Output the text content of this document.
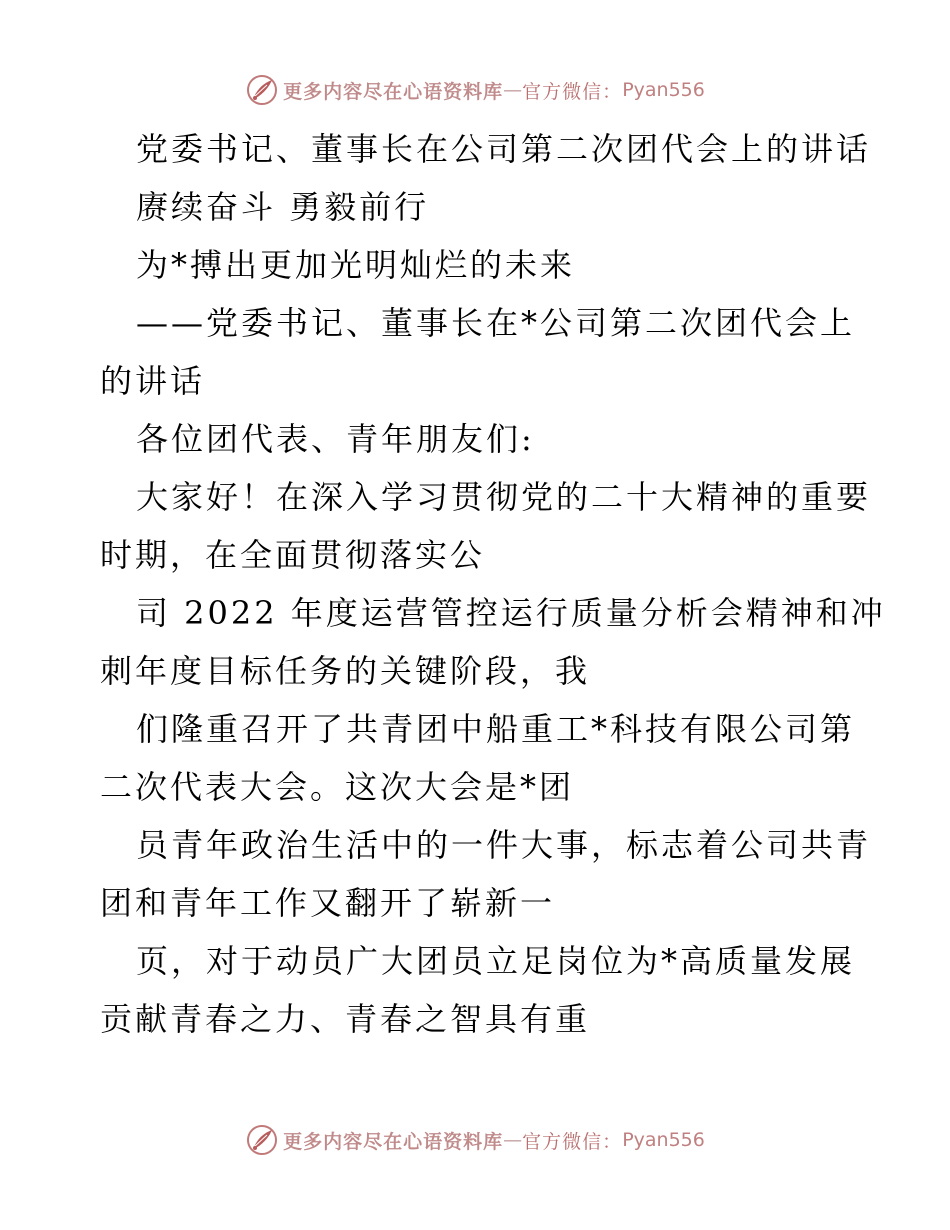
更多内容尽在心语资料库 — 官方微信： Pyan556
党委书记、董事长在公司第二次团代会上的讲话
赓续奋斗 勇毅前行
为*搏出更加光明灿烂的未来
——党委书记、董事长在*公司第二次团代会上
的讲话
各位团代表、青年朋友们:
大家好！在深入学习贯彻党的二十大精神的重要
时期，在全面贯彻落实公
司 2022 年度运营管控运行质量分析会精神和冲
刺年度目标任务的关键阶段，我
们隆重召开了共青团中船重工*科技有限公司第
二次代表大会。这次大会是*团
员青年政治生活中的一件大事，标志着公司共青
团和青年工作又翻开了崭新一
页，对于动员广大团员立足岗位为*高质量发展
贡献青春之力、青春之智具有重
更多内容尽在心语资料库 — 官方微信： Pyan556
